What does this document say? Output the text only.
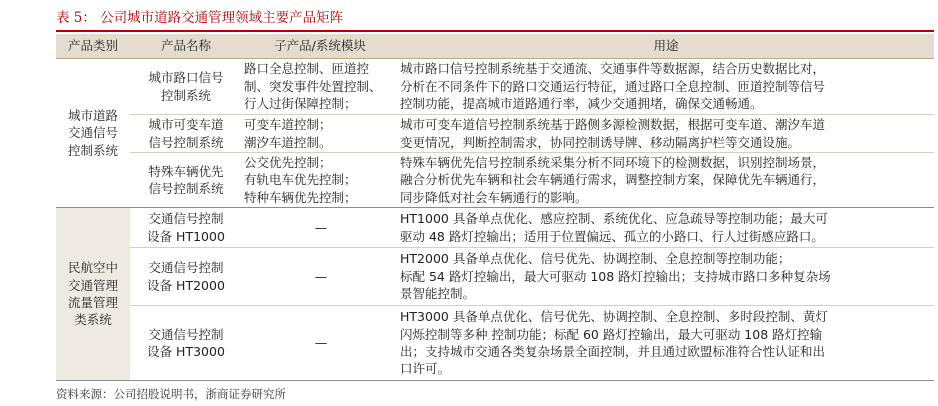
表 5： 公司城市道路交通管理领域主要产品矩阵
产品类别	产品名称	子产品/系统模块	用途

城市道路
交通信号
控制系统	城市路口信号
控制系统	路口全息控制、匝道控
制、突发事件处置控制、
行人过街保障控制；	城市路口信号控制系统基于交通流、交通事件等数据源，结合历史数据比对，
分析在不同条件下的路口交通运行特征，通过路口全息控制、匝道控制等信号
控制功能，提高城市道路通行率，减少交通拥堵，确保交通畅通。

	城市可变车道
信号控制系统	可变车道控制；
潮汐车道控制。	城市可变车道信号控制系统基于路侧多源检测数据，根据可变车道、潮汐车道
变更情况，判断控制需求，协同控制诱导牌、移动隔离护栏等交通设施。

	特殊车辆优先
信号控制系统	公交优先控制；
有轨电车优先控制；
特种车辆优先控制；	特殊车辆优先信号控制系统采集分析不同环境下的检测数据，识别控制场景，
融合分析优先车辆和社会车辆通行需求，调整控制方案，保障优先车辆通行，
同步降低对社会车辆通行的影响。

民航空中
交通管理
流量管理
类系统	交通信号控制
设备 HT1000	—	HT1000 具备单点优化、感应控制、系统优化、应急疏导等控制功能；最大可
驱动 48 路灯控输出；适用于位置偏远、孤立的小路口、行人过街感应路口。

	交通信号控制
设备 HT2000	—	HT2000 具备单点优化、信号优先、协调控制、全息控制等控制功能；
标配 54 路灯控输出，最大可驱动 108 路灯控输出；支持城市路口多种复杂场
景智能控制。

	交通信号控制
设备 HT3000	—	HT3000 具备单点优化、信号优先、协调控制、全息控制、多时段控制、黄灯
闪烁控制等多种 控制功能；标配 60 路灯控输出，最大可驱动 108 路灯控输
出；支持城市交通各类复杂场景全面控制，并且通过欧盟标准符合性认证和出
口许可。
资料来源：公司招股说明书，浙商证券研究所
